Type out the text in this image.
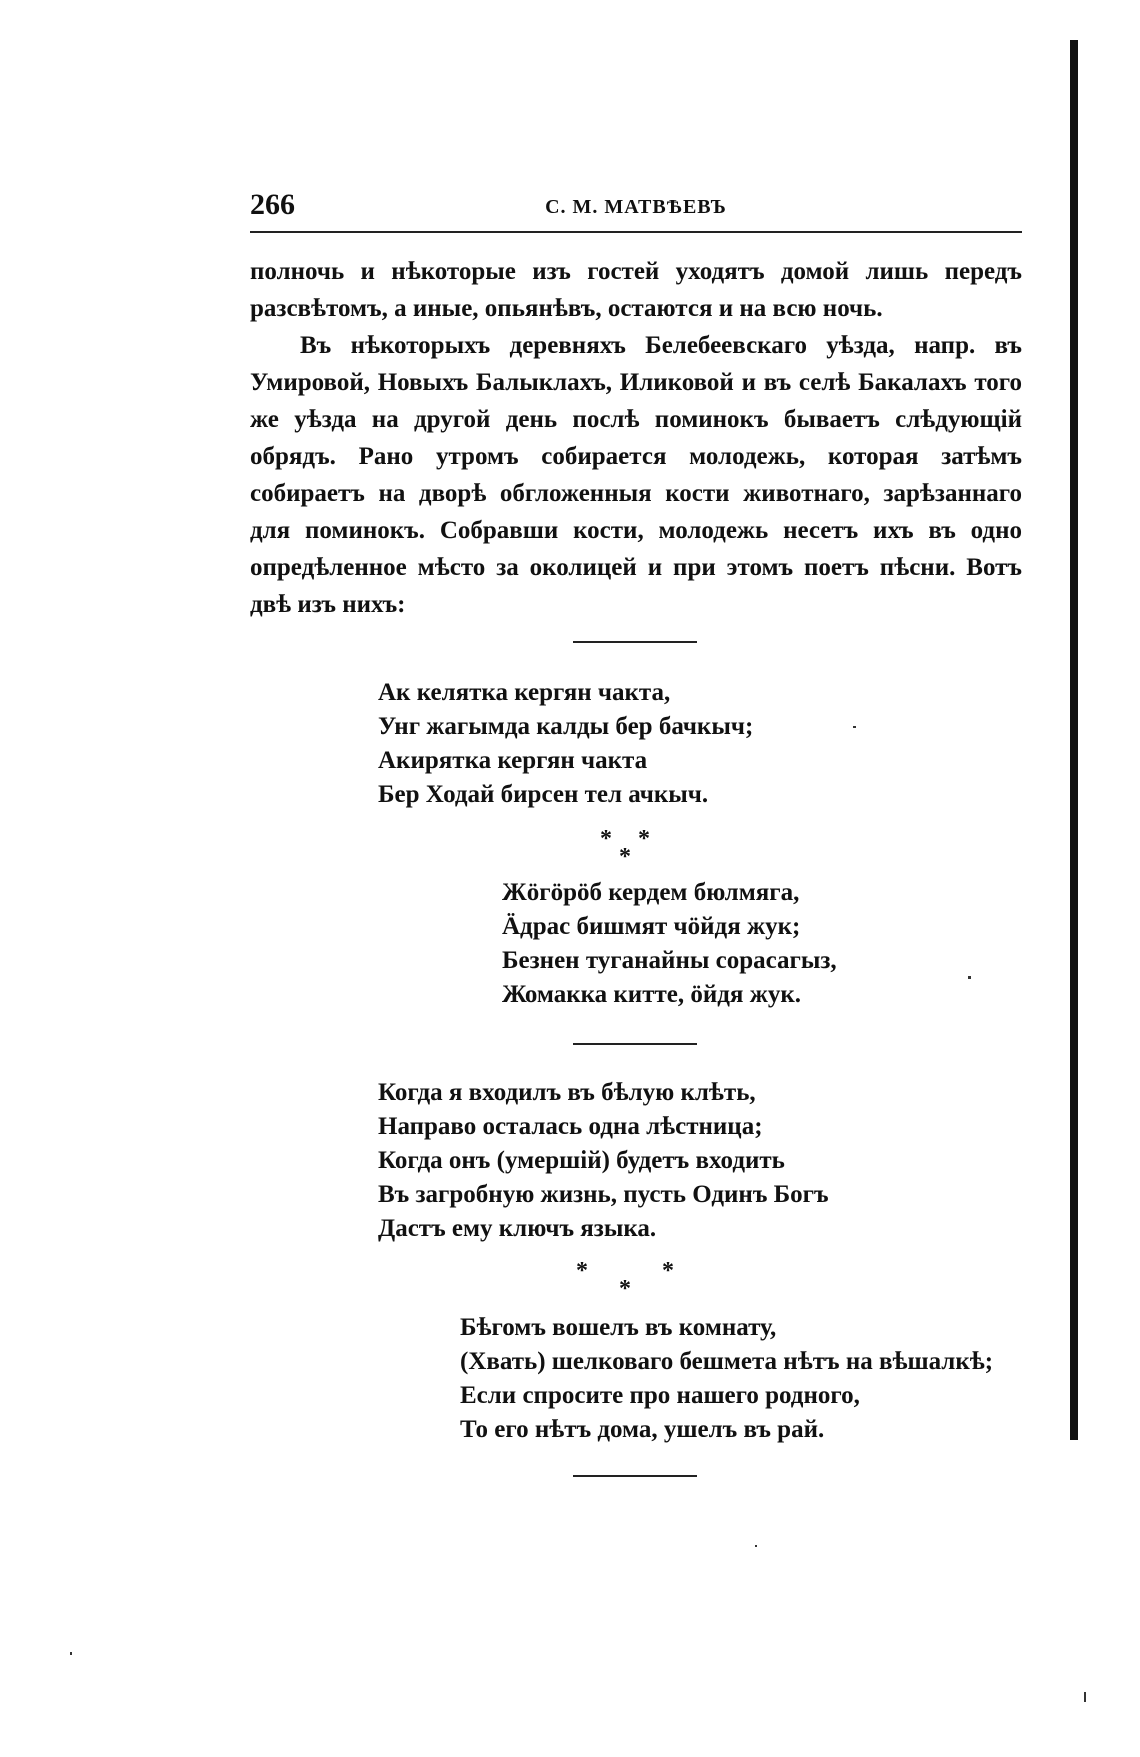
266	С. М. МАТВѢЕВЪ

полночь и нѣкоторые изъ гостей уходятъ домой лишь передъ разсвѣтомъ, а иные, опьянѣвъ, остаются и на всю ночь.

Въ нѣкоторыхъ деревняхъ Белебеевскаго уѣзда, напр. въ Умировой, Новыхъ Балыклахъ, Иликовой и въ селѣ Бакалахъ того же уѣзда на другой день послѣ поминокъ бываетъ слѣдующій обрядъ. Рано утромъ собирается молодежь, которая затѣмъ собираетъ на дворѣ обгложенныя кости животнаго, зарѣзаннаго для поминокъ. Собравши кости, молодежь несетъ ихъ въ одно опредѣленное мѣсто за околицей и при этомъ поетъ пѣсни. Вотъ двѣ изъ нихъ:

Ак келятка кергян чакта,
Унг жагымда калды бер бачкыч;
Акирятка кергян чакта
Бер Ходай бирсен тел ачкыч.
* *
*
Жöгöрöб кердем бюлмяга,
Äдрас бишмят чöйдя жук;
Безнен туганайны сорасагыз,
Жомакка китте, öйдя жук.
Когда я входилъ въ бѣлую клѣть,
Направо осталась одна лѣстница;
Когда онъ (умершій) будетъ входить
Въ загробную жизнь, пусть Одинъ Богъ
Дастъ ему ключъ языка.
*	*
*
Бѣгомъ вошелъ въ комнату,
(Хвать) шелковаго бешмета нѣтъ на вѣшалкѣ;
Если спросите про нашего родного,
То его нѣтъ дома, ушелъ въ рай.
